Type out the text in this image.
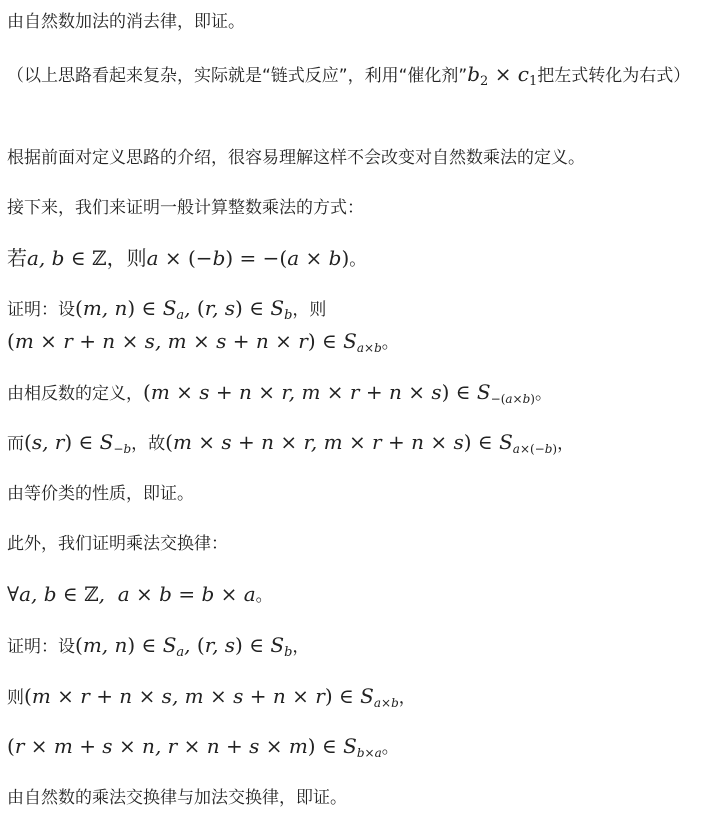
由自然数加法的消去律，即证。
（以上思路看起来复杂，实际就是“链式反应”，利用“催化剂$”b_2 \times c_1$把左式转化为右式）
根据前面对定义思路的介绍，很容易理解这样不会改变对自然数乘法的定义。
接下来，我们来证明一般计算整数乘法的方式：
若a, b ∈ ℤ，则a × (−b) = −(a × b)。
证明：设(m, n) ∈ $S_a$, (r, s) ∈ $S_b$，则
(m × r + n × s, m × s + n × r) ∈ $S_{a\times b}$。
由相反数的定义，(m × s + n × r, m × r + n × s) ∈ $S_{-(a\times b)}$。
而(s, r) ∈ $S_{-b}$，故(m × s + n × r, m × r + n × s) ∈ $S_{a\times(-b)}$，
由等价类的性质，即证。
此外，我们证明乘法交换律：
∀a, b ∈ ℤ,  a × b = b × a。
证明：设(m, n) ∈ $S_a$, (r, s) ∈ $S_b$，
则(m × r + n × s, m × s + n × r) ∈ $S_{a\times b}$，
(r × m + s × n, r × n + s × m) ∈ $S_{b\times a}$。
由自然数的乘法交换律与加法交换律，即证。
